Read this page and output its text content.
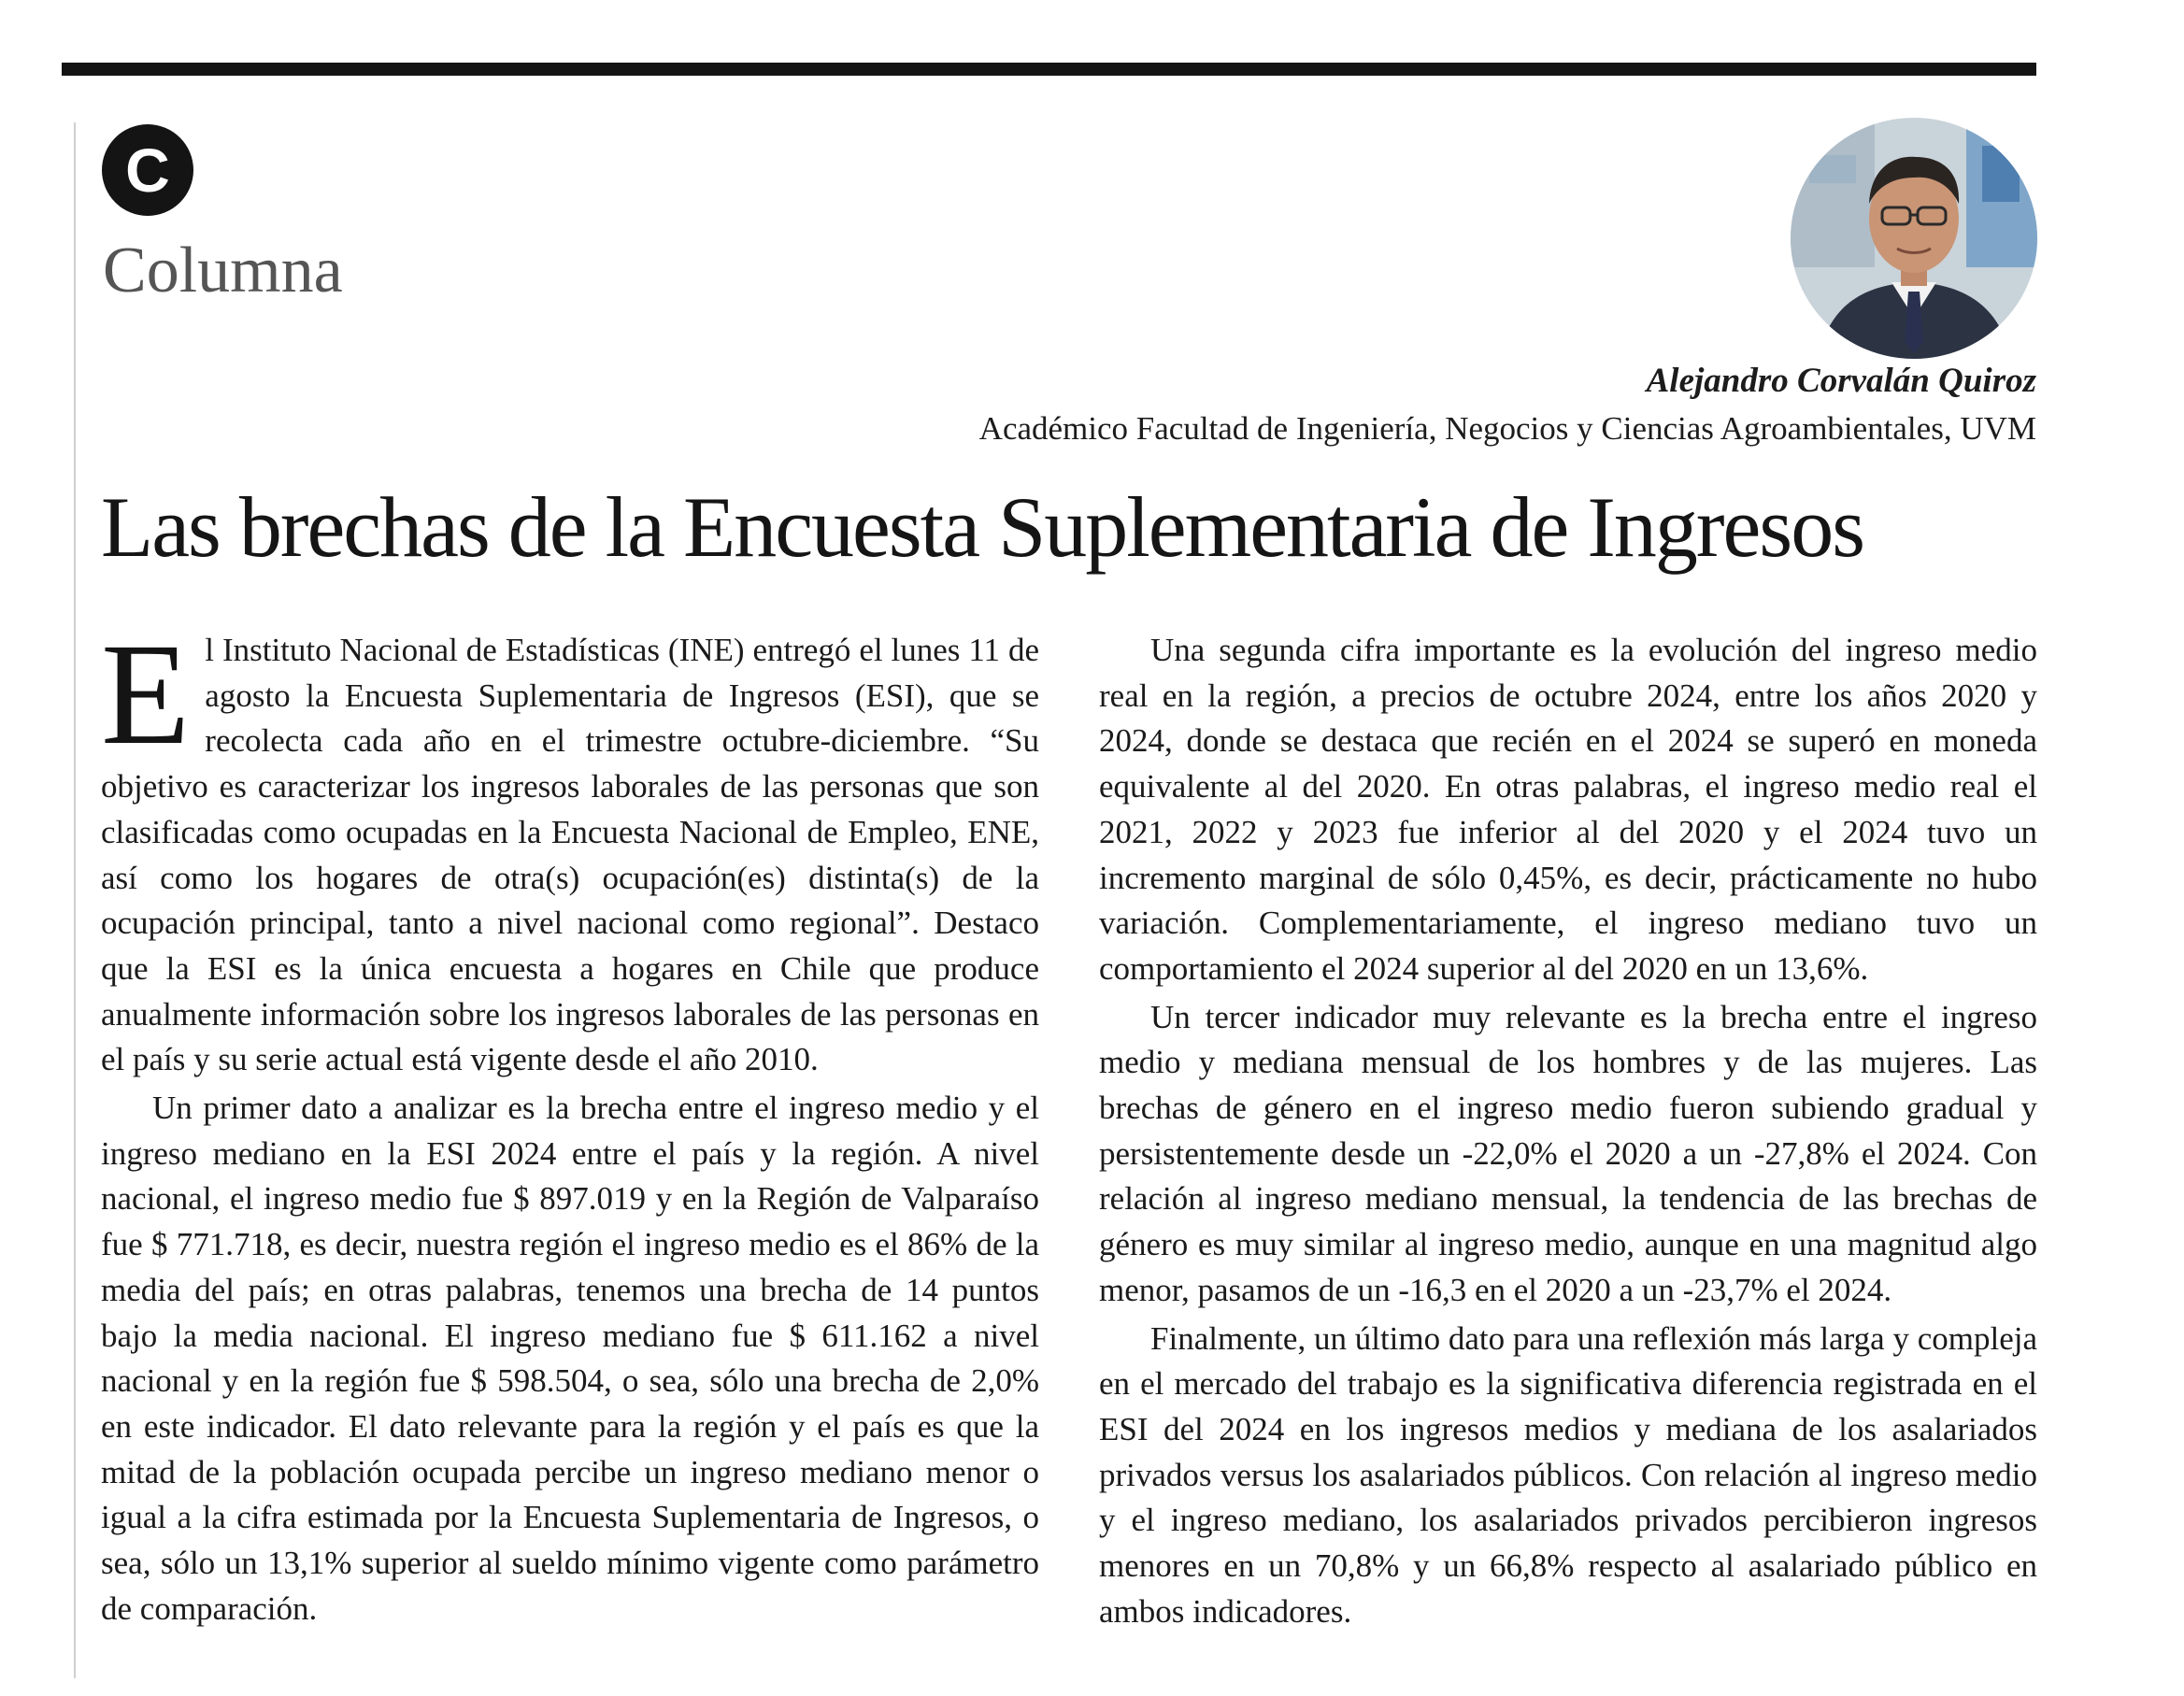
C
Columna
Alejandro Corvalán Quiroz
Académico Facultad de Ingeniería, Negocios y Ciencias Agroambientales, UVM
Las brechas de la Encuesta Suplementaria de Ingresos

El Instituto Nacional de Estadísticas (INE) entregó el lunes 11 de agosto la Encuesta Suplementaria de Ingresos (ESI), que se recolecta cada año en el trimestre octubre-diciembre. “Su objetivo es caracterizar los ingresos laborales de las personas que son clasificadas como ocupadas en la Encuesta Nacional de Empleo, ENE, así como los hogares de otra(s) ocupación(es) distinta(s) de la ocupación principal, tanto a nivel nacional como regional”. Destaco que la ESI es la única encuesta a hogares en Chile que produce anualmente información sobre los ingresos laborales de las personas en el país y su serie actual está vigente desde el año 2010.

Un primer dato a analizar es la brecha entre el ingreso medio y el ingreso mediano en la ESI 2024 entre el país y la región. A nivel nacional, el ingreso medio fue $ 897.019 y en la Región de Valparaíso fue $ 771.718, es decir, nuestra región el ingreso medio es el 86% de la media del país; en otras palabras, tenemos una brecha de 14 puntos bajo la media nacional. El ingreso mediano fue $ 611.162 a nivel nacional y en la región fue $ 598.504, o sea, sólo una brecha de 2,0% en este indicador. El dato relevante para la región y el país es que la mitad de la población ocupada percibe un ingreso mediano menor o igual a la cifra estimada por la Encuesta Suplementaria de Ingresos, o sea, sólo un 13,1% superior al sueldo mínimo vigente como parámetro de comparación.

Una segunda cifra importante es la evolución del ingreso medio real en la región, a precios de octubre 2024, entre los años 2020 y 2024, donde se destaca que recién en el 2024 se superó en moneda equivalente al del 2020. En otras palabras, el ingreso medio real el 2021, 2022 y 2023 fue inferior al del 2020 y el 2024 tuvo un incremento marginal de sólo 0,45%, es decir, prácticamente no hubo variación. Complementariamente, el ingreso mediano tuvo un comportamiento el 2024 superior al del 2020 en un 13,6%.

Un tercer indicador muy relevante es la brecha entre el ingreso medio y mediana mensual de los hombres y de las mujeres. Las brechas de género en el ingreso medio fueron subiendo gradual y persistentemente desde un -22,0% el 2020 a un -27,8% el 2024. Con relación al ingreso mediano mensual, la tendencia de las brechas de género es muy similar al ingreso medio, aunque en una magnitud algo menor, pasamos de un -16,3 en el 2020 a un -23,7% el 2024.

Finalmente, un último dato para una reflexión más larga y compleja en el mercado del trabajo es la significativa diferencia registrada en el ESI del 2024 en los ingresos medios y mediana de los asalariados privados versus los asalariados públicos. Con relación al ingreso medio y el ingreso mediano, los asalariados privados percibieron ingresos menores en un 70,8% y un 66,8% respecto al asalariado público en ambos indicadores.
